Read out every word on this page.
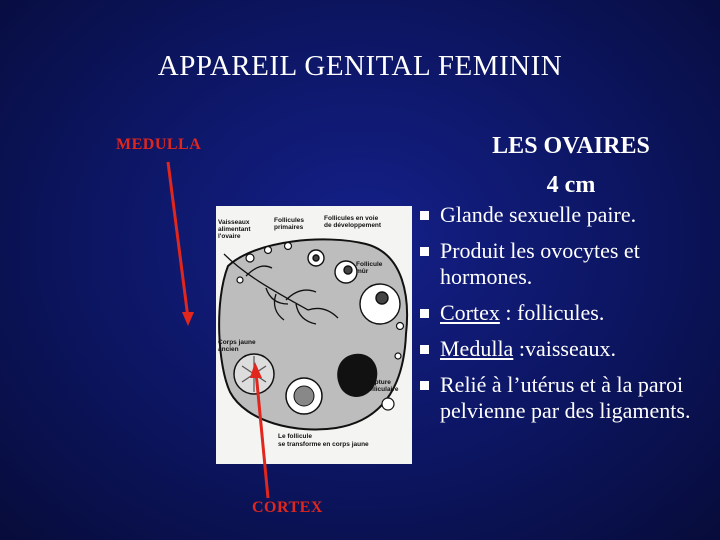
APPAREIL GENITAL FEMININ
MEDULLA
Vaisseaux
alimentant
l'ovaire
Follicules
primaires
Follicules en voie
de développement
Follicule
mûr
Corps jaune
ancien
Rupture
folliculaire
Le follicule
se transforme en corps jaune
CORTEX
LES OVAIRES
4 cm
Glande sexuelle paire.
Produit les ovocytes et hormones.
Cortex : follicules.
Medulla :vaisseaux.
Relié à l’utérus et à la paroi pelvienne par des ligaments.
